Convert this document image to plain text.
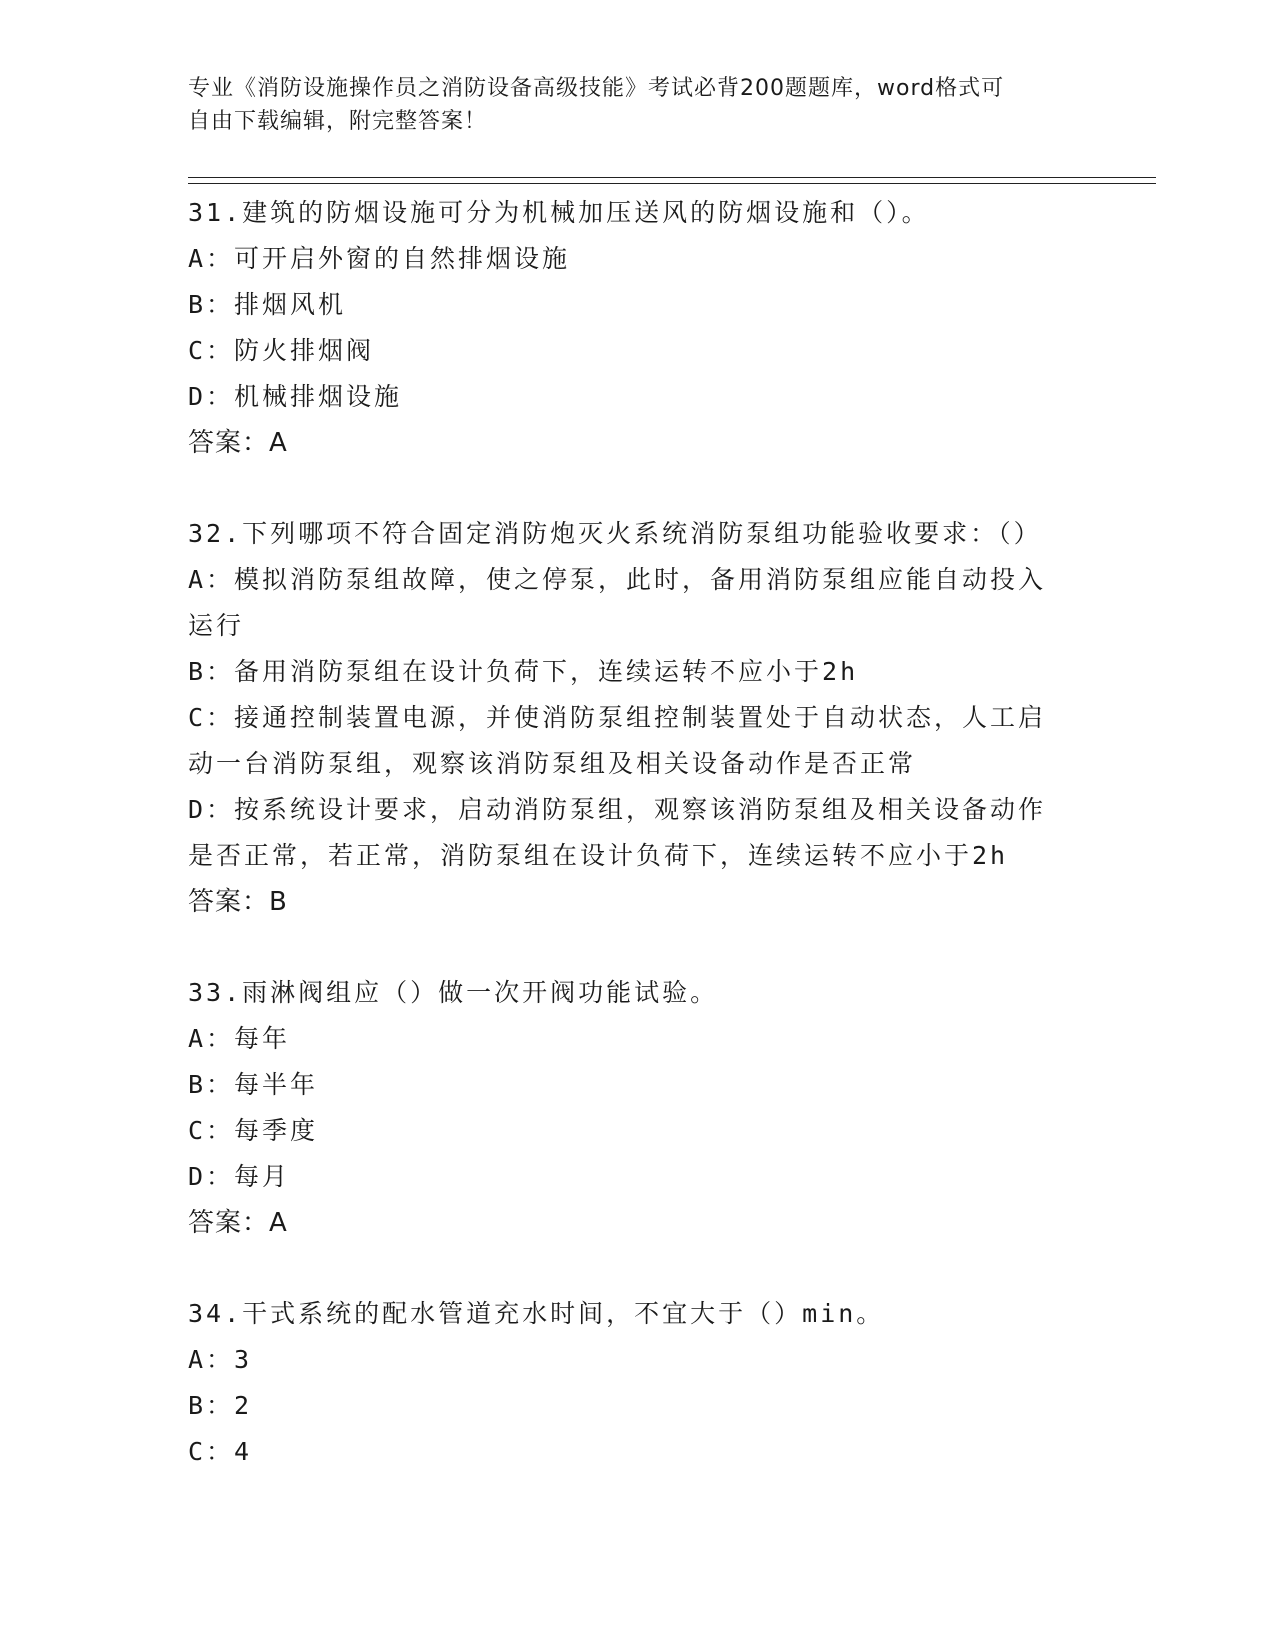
专业《消防设施操作员之消防设备高级技能》考试必背200题题库，word格式可
自由下载编辑，附完整答案！
31.建筑的防烟设施可分为机械加压送风的防烟设施和（）。
A：可开启外窗的自然排烟设施
B：排烟风机
C：防火排烟阀
D：机械排烟设施
答案：A
32.下列哪项不符合固定消防炮灭火系统消防泵组功能验收要求：（）
A：模拟消防泵组故障，使之停泵，此时，备用消防泵组应能自动投入
运行
B：备用消防泵组在设计负荷下，连续运转不应小于2h
C：接通控制装置电源，并使消防泵组控制装置处于自动状态，人工启
动一台消防泵组，观察该消防泵组及相关设备动作是否正常
D：按系统设计要求，启动消防泵组，观察该消防泵组及相关设备动作
是否正常，若正常，消防泵组在设计负荷下，连续运转不应小于2h
答案：B
33.雨淋阀组应（）做一次开阀功能试验。
A：每年
B：每半年
C：每季度
D：每月
答案：A
34.干式系统的配水管道充水时间，不宜大于（）min。
A：3
B：2
C：4
